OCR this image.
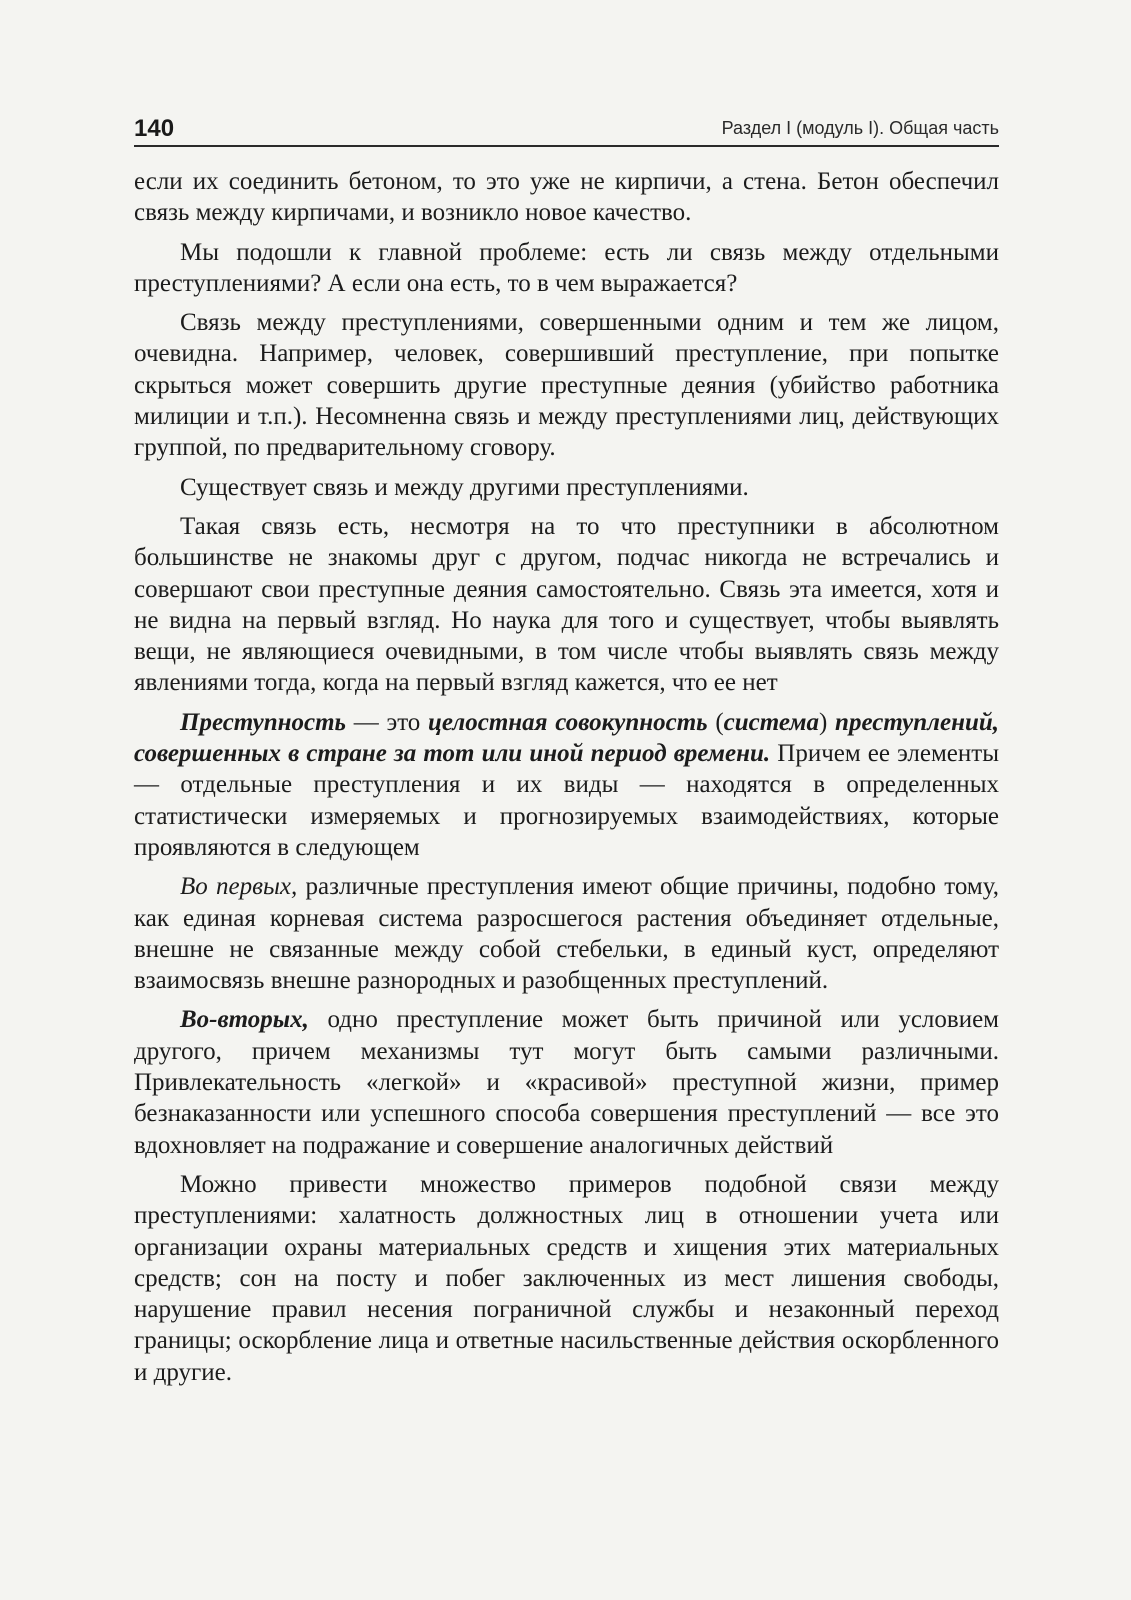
140	Раздел I (модуль I). Общая часть

если их соединить бетоном, то это уже не кирпичи, а стена. Бетон обеспечил связь между кирпичами, и возникло новое качество.

Мы подошли к главной проблеме: есть ли связь между отдельными преступлениями? А если она есть, то в чем выражается?

Связь между преступлениями, совершенными одним и тем же лицом, очевидна. Например, человек, совершивший преступление, при попытке скрыться может совершить другие преступные деяния (убийство работника милиции и т.п.). Несомненна связь и между преступлениями лиц, действующих группой, по предварительному сговору.

Существует связь и между другими преступлениями.

Такая связь есть, несмотря на то что преступники в абсолютном большинстве не знакомы друг с другом, подчас никогда не встречались и совершают свои преступные деяния самостоятельно. Связь эта имеется, хотя и не видна на первый взгляд. Но наука для того и существует, чтобы выявлять вещи, не являющиеся очевидными, в том числе чтобы выявлять связь между явлениями тогда, когда на первый взгляд кажется, что ее нет

Преступность — это целостная совокупность (система) преступлений, совершенных в стране за тот или иной период времени. Причем ее элементы — отдельные преступления и их виды — находятся в определенных статистически измеряемых и прогнозируемых взаимодействиях, которые проявляются в следующем

Во первых, различные преступления имеют общие причины, подобно тому, как единая корневая система разросшегося растения объединяет отдельные, внешне не связанные между собой стебельки, в единый куст, определяют взаимосвязь внешне разнородных и разобщенных преступлений.

Во-вторых, одно преступление может быть причиной или условием другого, причем механизмы тут могут быть самыми различными. Привлекательность «легкой» и «красивой» преступной жизни, пример безнаказанности или успешного способа совершения преступлений — все это вдохновляет на подражание и совершение аналогичных действий

Можно привести множество примеров подобной связи между преступлениями: халатность должностных лиц в отношении учета или организации охраны материальных средств и хищения этих материальных средств; сон на посту и побег заключенных из мест лишения свободы, нарушение правил несения пограничной службы и незаконный переход границы; оскорбление лица и ответные насильственные действия оскорбленного и другие.
